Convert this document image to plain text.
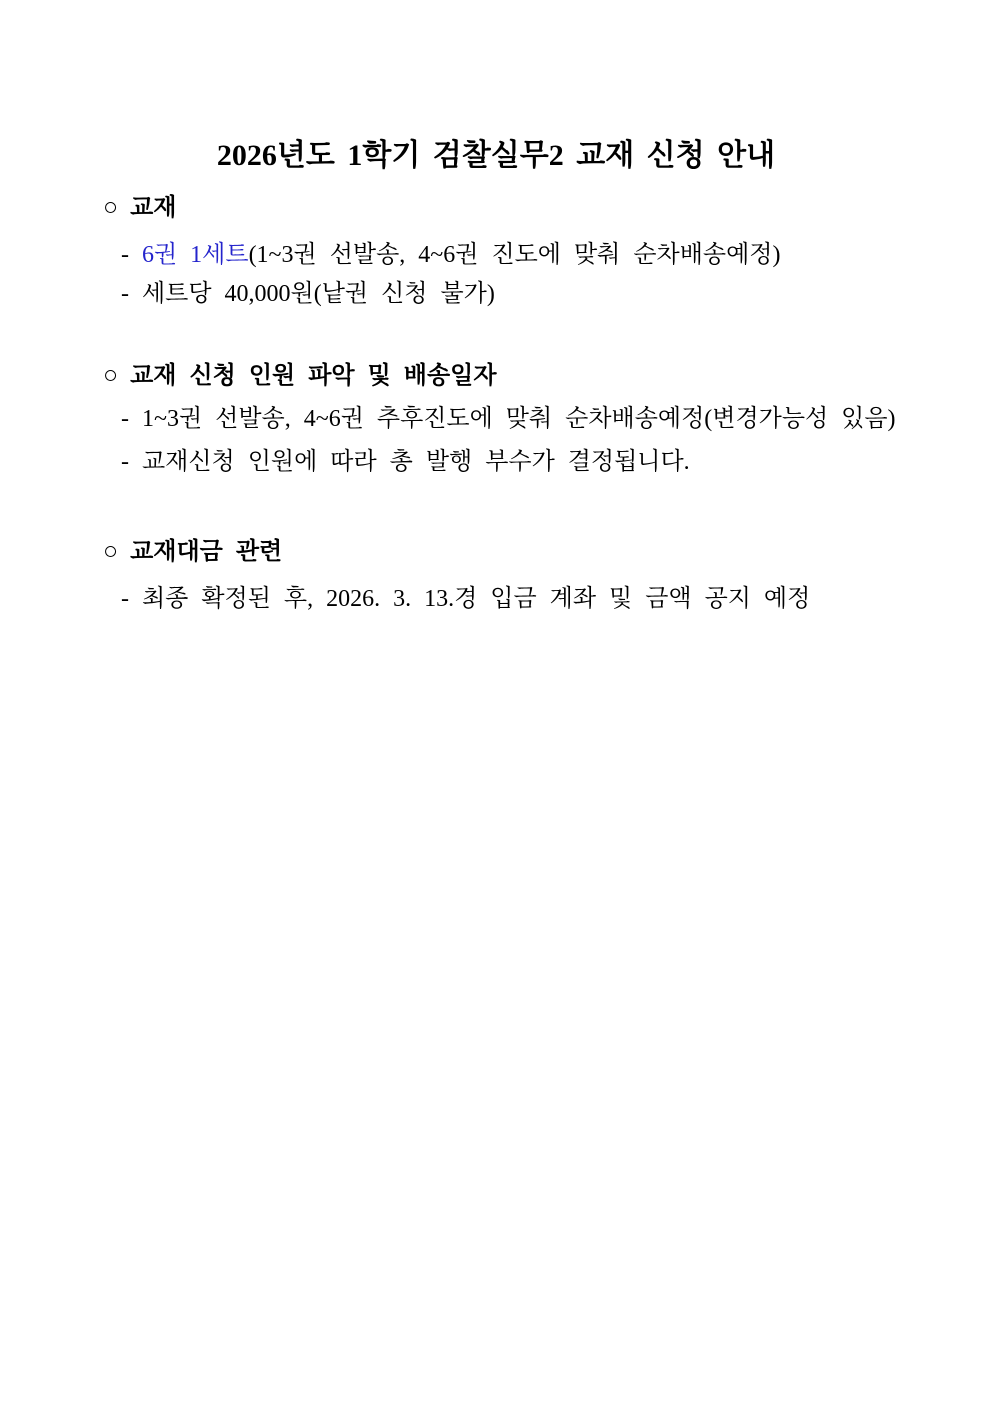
2026년도 1학기 검찰실무2 교재 신청 안내
○ 교재
- 6권 1세트(1~3권 선발송, 4~6권 진도에 맞춰 순차배송예정)
- 세트당 40,000원(낱권 신청 불가)
○ 교재 신청 인원 파악 및 배송일자
- 1~3권 선발송, 4~6권 추후진도에 맞춰 순차배송예정(변경가능성 있음)
- 교재신청 인원에 따라 총 발행 부수가 결정됩니다.
○ 교재대금 관련
- 최종 확정된 후, 2026. 3. 13.경 입금 계좌 및 금액 공지 예정
